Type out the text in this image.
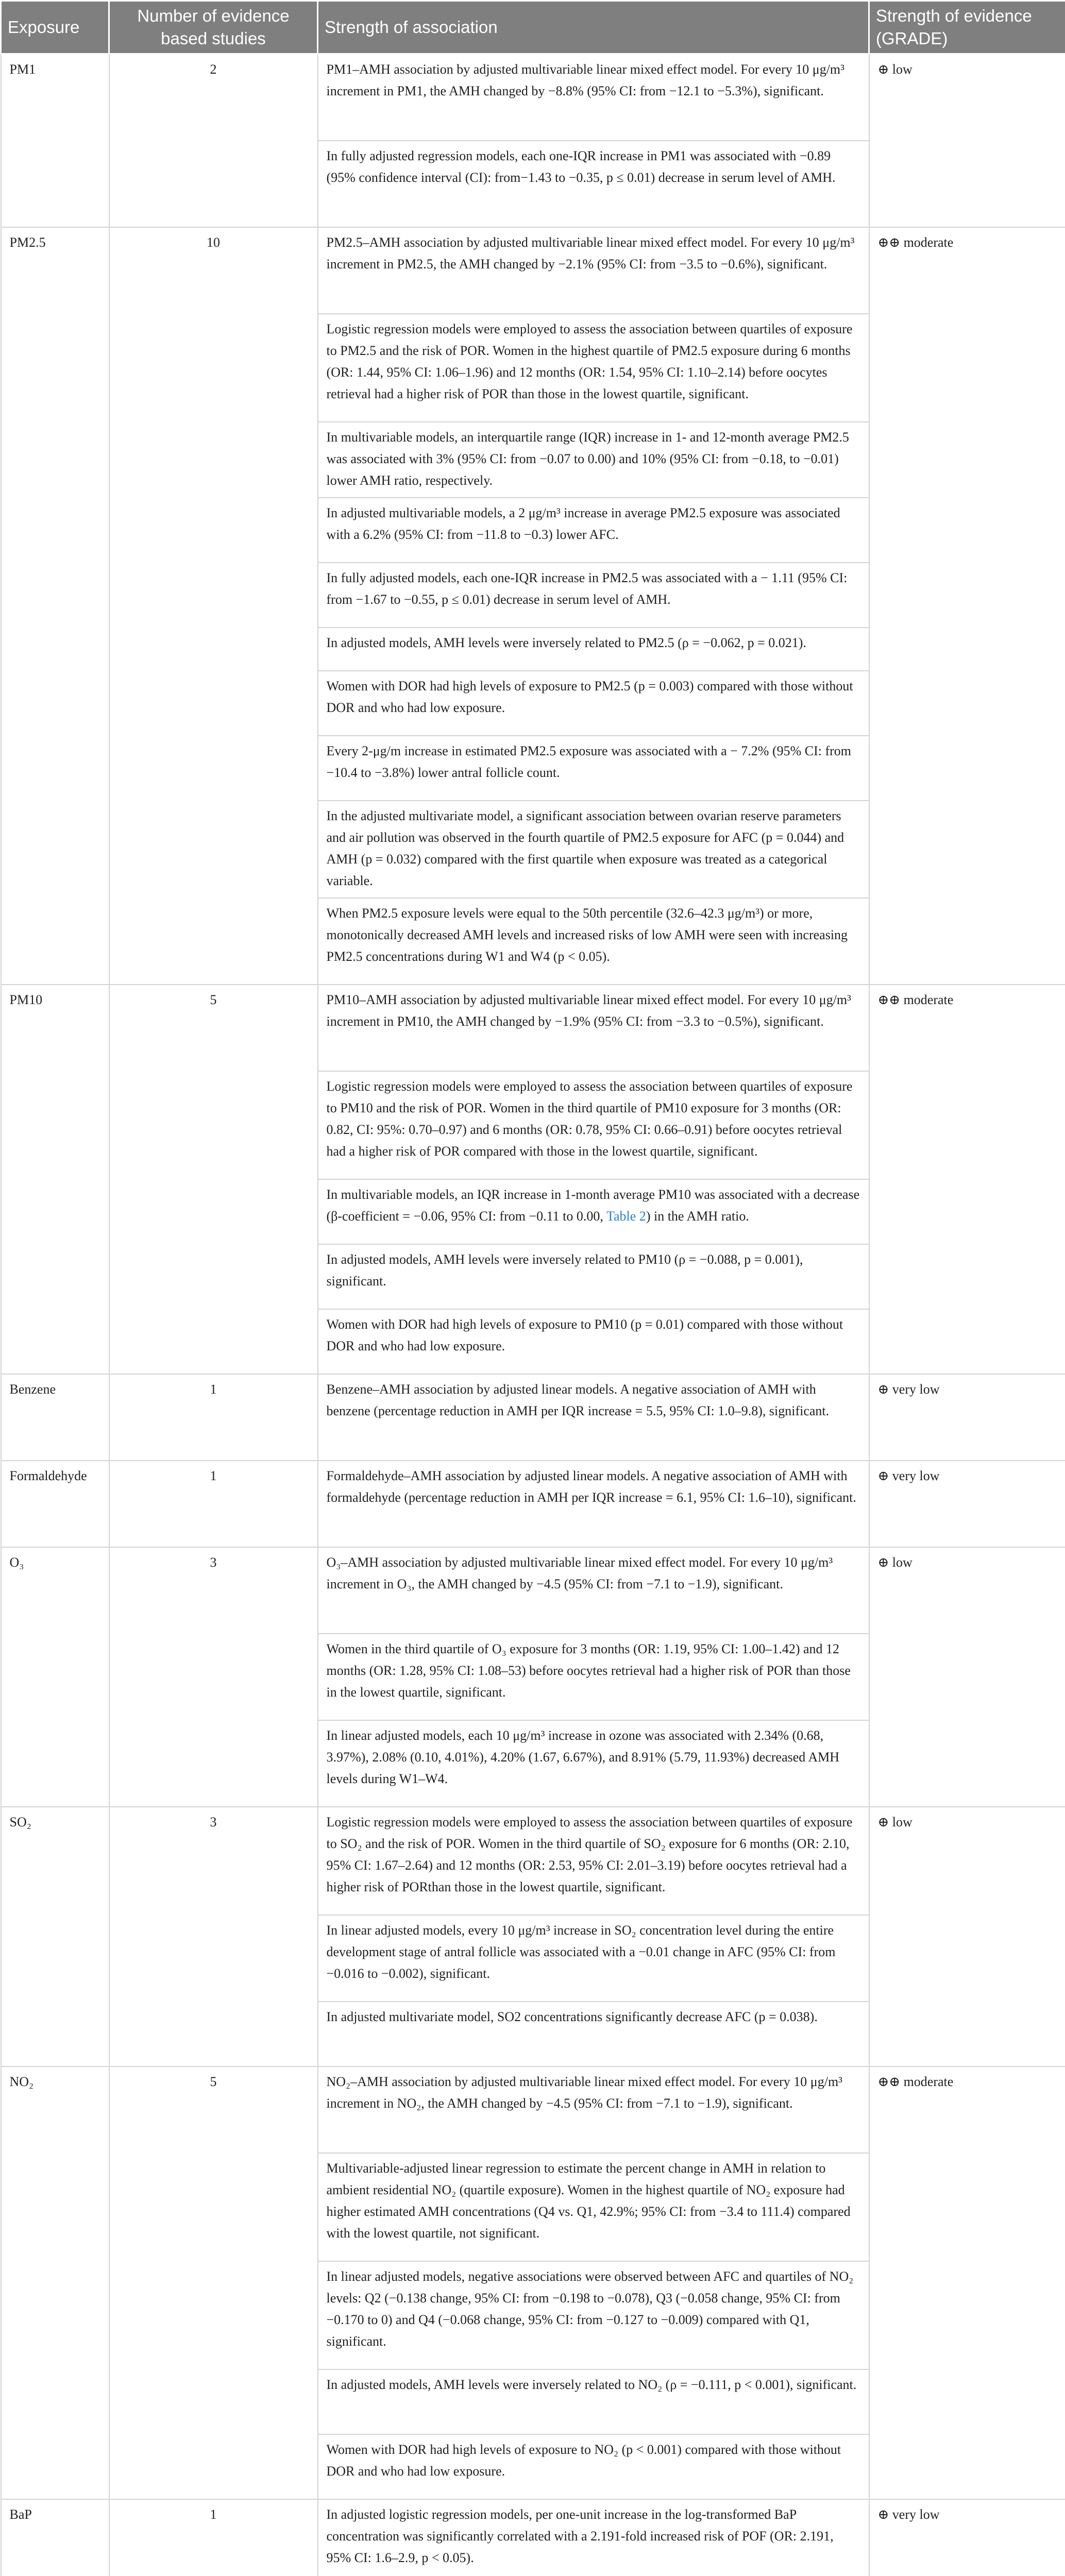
Exposure	Number of evidence based studies	Strength of association	Strength of evidence (GRADE)
PM1	2	PM1–AMH association by adjusted multivariable linear mixed effect model. For every 10 μg/m³ increment in PM1, the AMH changed by −8.8% (95% CI: from −12.1 to −5.3%), significant.	⊕ low
		In fully adjusted regression models, each one-IQR increase in PM1 was associated with −0.89 (95% confidence interval (CI): from−1.43 to −0.35, p ≤ 0.01) decrease in serum level of AMH.	
PM2.5	10	PM2.5–AMH association by adjusted multivariable linear mixed effect model. For every 10 μg/m³ increment in PM2.5, the AMH changed by −2.1% (95% CI: from −3.5 to −0.6%), significant.	⊕⊕ moderate
		Logistic regression models were employed to assess the association between quartiles of exposure to PM2.5 and the risk of POR. Women in the highest quartile of PM2.5 exposure during 6 months (OR: 1.44, 95% CI: 1.06–1.96) and 12 months (OR: 1.54, 95% CI: 1.10–2.14) before oocytes retrieval had a higher risk of POR than those in the lowest quartile, significant.	
		In multivariable models, an interquartile range (IQR) increase in 1- and 12-month average PM2.5 was associated with 3% (95% CI: from −0.07 to 0.00) and 10% (95% CI: from −0.18, to −0.01) lower AMH ratio, respectively.	
		In adjusted multivariable models, a 2 μg/m³ increase in average PM2.5 exposure was associated with a 6.2% (95% CI: from −11.8 to −0.3) lower AFC.	
		In fully adjusted models, each one-IQR increase in PM2.5 was associated with a − 1.11 (95% CI: from −1.67 to −0.55, p ≤ 0.01) decrease in serum level of AMH.	
		In adjusted models, AMH levels were inversely related to PM2.5 (ρ = −0.062, p = 0.021).	
		Women with DOR had high levels of exposure to PM2.5 (p = 0.003) compared with those without DOR and who had low exposure.	
		Every 2-μg/m increase in estimated PM2.5 exposure was associated with a − 7.2% (95% CI: from −10.4 to −3.8%) lower antral follicle count.	
		In the adjusted multivariate model, a significant association between ovarian reserve parameters and air pollution was observed in the fourth quartile of PM2.5 exposure for AFC (p = 0.044) and AMH (p = 0.032) compared with the first quartile when exposure was treated as a categorical variable.	
		When PM2.5 exposure levels were equal to the 50th percentile (32.6–42.3 μg/m³) or more, monotonically decreased AMH levels and increased risks of low AMH were seen with increasing PM2.5 concentrations during W1 and W4 (p < 0.05).	
PM10	5	PM10–AMH association by adjusted multivariable linear mixed effect model. For every 10 μg/m³ increment in PM10, the AMH changed by −1.9% (95% CI: from −3.3 to −0.5%), significant.	⊕⊕ moderate
		Logistic regression models were employed to assess the association between quartiles of exposure to PM10 and the risk of POR. Women in the third quartile of PM10 exposure for 3 months (OR: 0.82, CI: 95%: 0.70–0.97) and 6 months (OR: 0.78, 95% CI: 0.66–0.91) before oocytes retrieval had a higher risk of POR compared with those in the lowest quartile, significant.	
		In multivariable models, an IQR increase in 1-month average PM10 was associated with a decrease (β-coefficient = −0.06, 95% CI: from −0.11 to 0.00, Table 2) in the AMH ratio.	
		In adjusted models, AMH levels were inversely related to PM10 (ρ = −0.088, p = 0.001), significant.	
		Women with DOR had high levels of exposure to PM10 (p = 0.01) compared with those without DOR and who had low exposure.	
Benzene	1	Benzene–AMH association by adjusted linear models. A negative association of AMH with benzene (percentage reduction in AMH per IQR increase = 5.5, 95% CI: 1.0–9.8), significant.	⊕ very low
Formaldehyde	1	Formaldehyde–AMH association by adjusted linear models. A negative association of AMH with formaldehyde (percentage reduction in AMH per IQR increase = 6.1, 95% CI: 1.6–10), significant.	⊕ very low
O₃	3	O₃–AMH association by adjusted multivariable linear mixed effect model. For every 10 μg/m³ increment in O₃, the AMH changed by −4.5 (95% CI: from −7.1 to −1.9), significant.	⊕ low
		Women in the third quartile of O₃ exposure for 3 months (OR: 1.19, 95% CI: 1.00–1.42) and 12 months (OR: 1.28, 95% CI: 1.08–53) before oocytes retrieval had a higher risk of POR than those in the lowest quartile, significant.	
		In linear adjusted models, each 10 μg/m³ increase in ozone was associated with 2.34% (0.68, 3.97%), 2.08% (0.10, 4.01%), 4.20% (1.67, 6.67%), and 8.91% (5.79, 11.93%) decreased AMH levels during W1–W4.	
SO₂	3	Logistic regression models were employed to assess the association between quartiles of exposure to SO₂ and the risk of POR. Women in the third quartile of SO₂ exposure for 6 months (OR: 2.10, 95% CI: 1.67–2.64) and 12 months (OR: 2.53, 95% CI: 2.01–3.19) before oocytes retrieval had a higher risk of PORthan those in the lowest quartile, significant.	⊕ low
		In linear adjusted models, every 10 μg/m³ increase in SO₂ concentration level during the entire development stage of antral follicle was associated with a −0.01 change in AFC (95% CI: from −0.016 to −0.002), significant.	
		In adjusted multivariate model, SO2 concentrations significantly decrease AFC (p = 0.038).	
NO₂	5	NO₂–AMH association by adjusted multivariable linear mixed effect model. For every 10 μg/m³ increment in NO₂, the AMH changed by −4.5 (95% CI: from −7.1 to −1.9), significant.	⊕⊕ moderate
		Multivariable-adjusted linear regression to estimate the percent change in AMH in relation to ambient residential NO₂ (quartile exposure). Women in the highest quartile of NO₂ exposure had higher estimated AMH concentrations (Q4 vs. Q1, 42.9%; 95% CI: from −3.4 to 111.4) compared with the lowest quartile, not significant.	
		In linear adjusted models, negative associations were observed between AFC and quartiles of NO₂ levels: Q2 (−0.138 change, 95% CI: from −0.198 to −0.078), Q3 (−0.058 change, 95% CI: from −0.170 to 0) and Q4 (−0.068 change, 95% CI: from −0.127 to −0.009) compared with Q1, significant.	
		In adjusted models, AMH levels were inversely related to NO₂ (ρ = −0.111, p < 0.001), significant.	
		Women with DOR had high levels of exposure to NO₂ (p < 0.001) compared with those without DOR and who had low exposure.	
BaP	1	In adjusted logistic regression models, per one-unit increase in the log-transformed BaP concentration was significantly correlated with a 2.191-fold increased risk of POF (OR: 2.191, 95% CI: 1.6–2.9, p < 0.05).	⊕ very low
